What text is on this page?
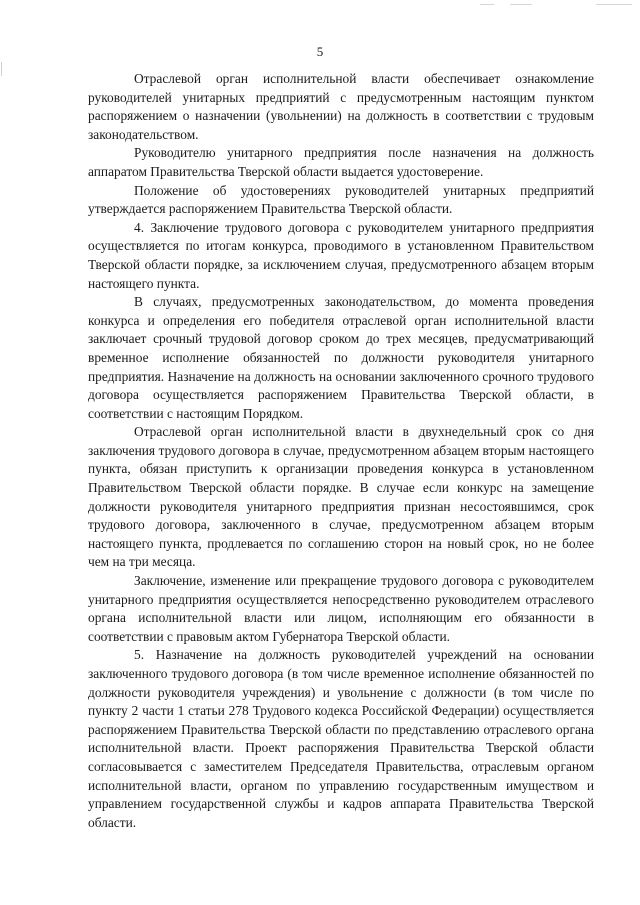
5

Отраслевой орган исполнительной власти обеспечивает ознакомление руководителей унитарных предприятий с предусмотренным настоящим пунктом распоряжением о назначении (увольнении) на должность в соответствии с трудовым законодательством.

Руководителю унитарного предприятия после назначения на должность аппаратом Правительства Тверской области выдается удостоверение.

Положение об удостоверениях руководителей унитарных предприятий утверждается распоряжением Правительства Тверской области.

4. Заключение трудового договора с руководителем унитарного предприятия осуществляется по итогам конкурса, проводимого в установленном Правительством Тверской области порядке, за исключением случая, предусмотренного абзацем вторым настоящего пункта.

В случаях, предусмотренных законодательством, до момента проведения конкурса и определения его победителя отраслевой орган исполнительной власти заключает срочный трудовой договор сроком до трех месяцев, предусматривающий временное исполнение обязанностей по должности руководителя унитарного предприятия. Назначение на должность на основании заключенного срочного трудового договора осуществляется распоряжением Правительства Тверской области, в соответствии с настоящим Порядком.

Отраслевой орган исполнительной власти в двухнедельный срок со дня заключения трудового договора в случае, предусмотренном абзацем вторым настоящего пункта, обязан приступить к организации проведения конкурса в установленном Правительством Тверской области порядке. В случае если конкурс на замещение должности руководителя унитарного предприятия признан несостоявшимся, срок трудового договора, заключенного в случае, предусмотренном абзацем вторым настоящего пункта, продлевается по соглашению сторон на новый срок, но не более чем на три месяца.

Заключение, изменение или прекращение трудового договора с руководителем унитарного предприятия осуществляется непосредственно руководителем отраслевого органа исполнительной власти или лицом, исполняющим его обязанности в соответствии с правовым актом Губернатора Тверской области.

5. Назначение на должность руководителей учреждений на основании заключенного трудового договора (в том числе временное исполнение обязанностей по должности руководителя учреждения) и увольнение с должности (в том числе по пункту 2 части 1 статьи 278 Трудового кодекса Российской Федерации) осуществляется распоряжением Правительства Тверской области по представлению отраслевого органа исполнительной власти. Проект распоряжения Правительства Тверской области согласовывается с заместителем Председателя Правительства, отраслевым органом исполнительной власти, органом по управлению государственным имуществом и управлением государственной службы и кадров аппарата Правительства Тверской области.
